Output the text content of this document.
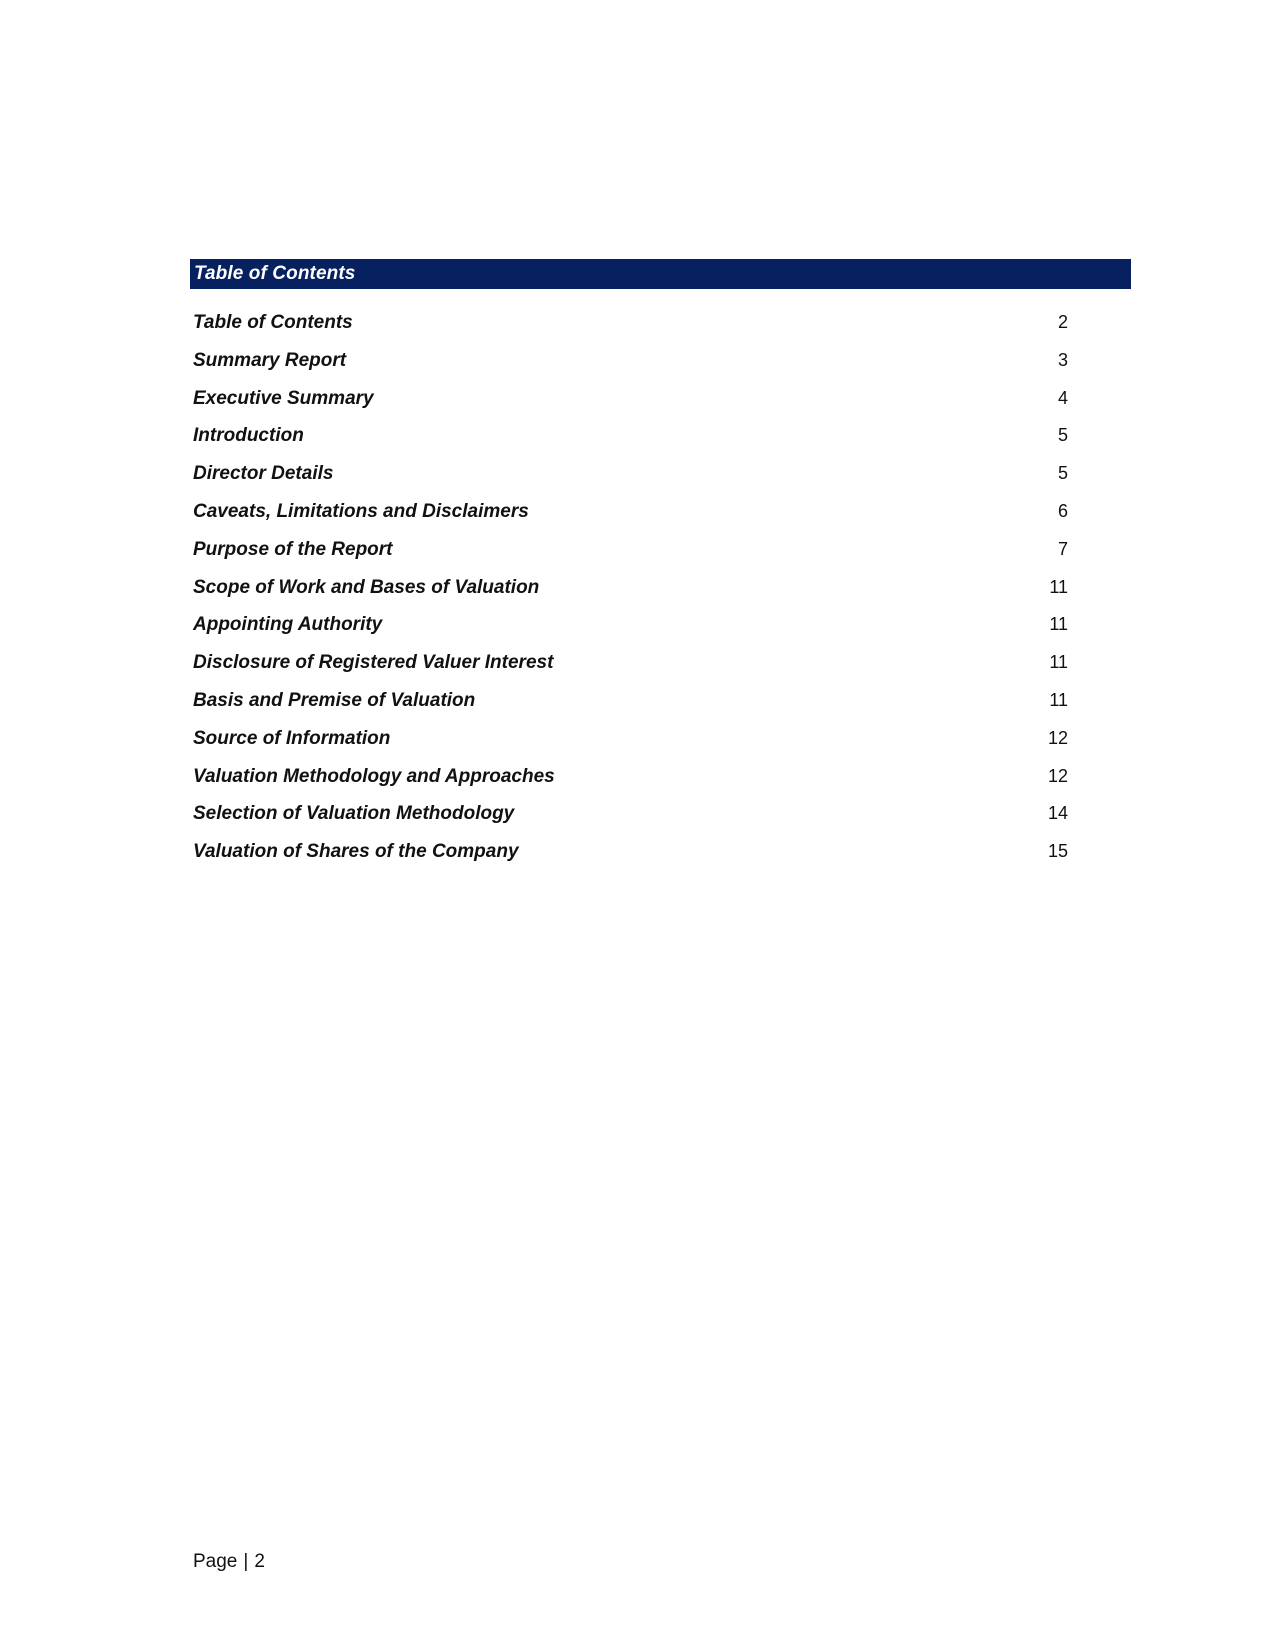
Table of Contents
Table of Contents	2
Summary Report	3
Executive Summary	4
Introduction	5
Director Details	5
Caveats, Limitations and Disclaimers	6
Purpose of the Report	7
Scope of Work and Bases of Valuation	11
Appointing Authority	11
Disclosure of Registered Valuer Interest	11
Basis and Premise of Valuation	11
Source of Information	12
Valuation Methodology and Approaches	12
Selection of Valuation Methodology	14
Valuation of Shares of the Company	15
Page | 2
